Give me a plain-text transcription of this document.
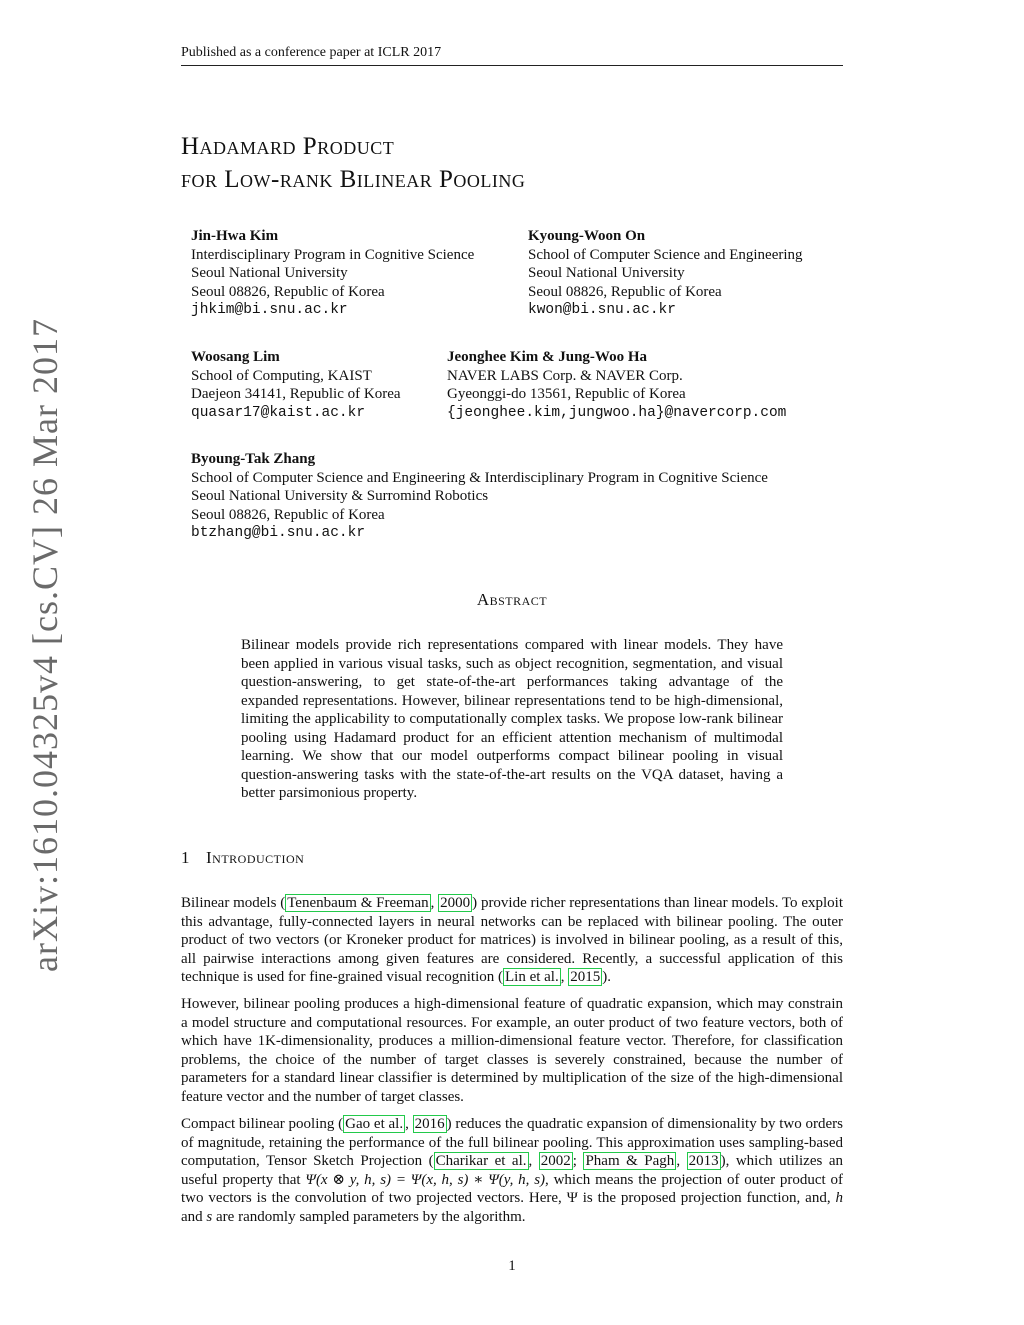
Published as a conference paper at ICLR 2017
arXiv:1610.04325v4 [cs.CV] 26 Mar 2017
Hadamard Product
for Low-rank Bilinear Pooling
Jin-Hwa Kim
Interdisciplinary Program in Cognitive Science
Seoul National University
Seoul 08826, Republic of Korea
jhkim@bi.snu.ac.kr
Kyoung-Woon On
School of Computer Science and Engineering
Seoul National University
Seoul 08826, Republic of Korea
kwon@bi.snu.ac.kr
Woosang Lim
School of Computing, KAIST
Daejeon 34141, Republic of Korea
quasar17@kaist.ac.kr
Jeonghee Kim & Jung-Woo Ha
NAVER LABS Corp. & NAVER Corp.
Gyeonggi-do 13561, Republic of Korea
{jeonghee.kim,jungwoo.ha}@navercorp.com
Byoung-Tak Zhang
School of Computer Science and Engineering & Interdisciplinary Program in Cognitive Science
Seoul National University & Surromind Robotics
Seoul 08826, Republic of Korea
btzhang@bi.snu.ac.kr
Abstract
Bilinear models provide rich representations compared with linear models. They have been applied in various visual tasks, such as object recognition, segmentation, and visual question-answering, to get state-of-the-art performances taking advantage of the expanded representations. However, bilinear representations tend to be high-dimensional, limiting the applicability to computationally complex tasks. We propose low-rank bilinear pooling using Hadamard product for an efficient attention mechanism of multimodal learning. We show that our model outperforms compact bilinear pooling in visual question-answering tasks with the state-of-the-art results on the VQA dataset, having a better parsimonious property.
1 Introduction
Bilinear models ( Tenenbaum & Freeman , 2000 ) provide richer representations than linear models. To exploit this advantage, fully-connected layers in neural networks can be replaced with bilinear pooling. The outer product of two vectors (or Kroneker product for matrices) is involved in bilinear pooling, as a result of this, all pairwise interactions among given features are considered. Recently, a successful application of this technique is used for fine-grained visual recognition ( Lin et al. , 2015 ).
However, bilinear pooling produces a high-dimensional feature of quadratic expansion, which may constrain a model structure and computational resources. For example, an outer product of two feature vectors, both of which have 1K-dimensionality, produces a million-dimensional feature vector. Therefore, for classification problems, the choice of the number of target classes is severely constrained, because the number of parameters for a standard linear classifier is determined by multiplication of the size of the high-dimensional feature vector and the number of target classes.
Compact bilinear pooling ( Gao et al. , 2016 ) reduces the quadratic expansion of dimensionality by two orders of magnitude, retaining the performance of the full bilinear pooling. This approximation uses sampling-based computation, Tensor Sketch Projection ( Charikar et al. , 2002 ; Pham & Pagh , 2013 ), which utilizes an useful property that Ψ(x ⊗ y, h, s) = Ψ(x, h, s) ∗ Ψ(y, h, s), which means the projection of outer product of two vectors is the convolution of two projected vectors. Here, Ψ is the proposed projection function, and, h and s are randomly sampled parameters by the algorithm.
1
